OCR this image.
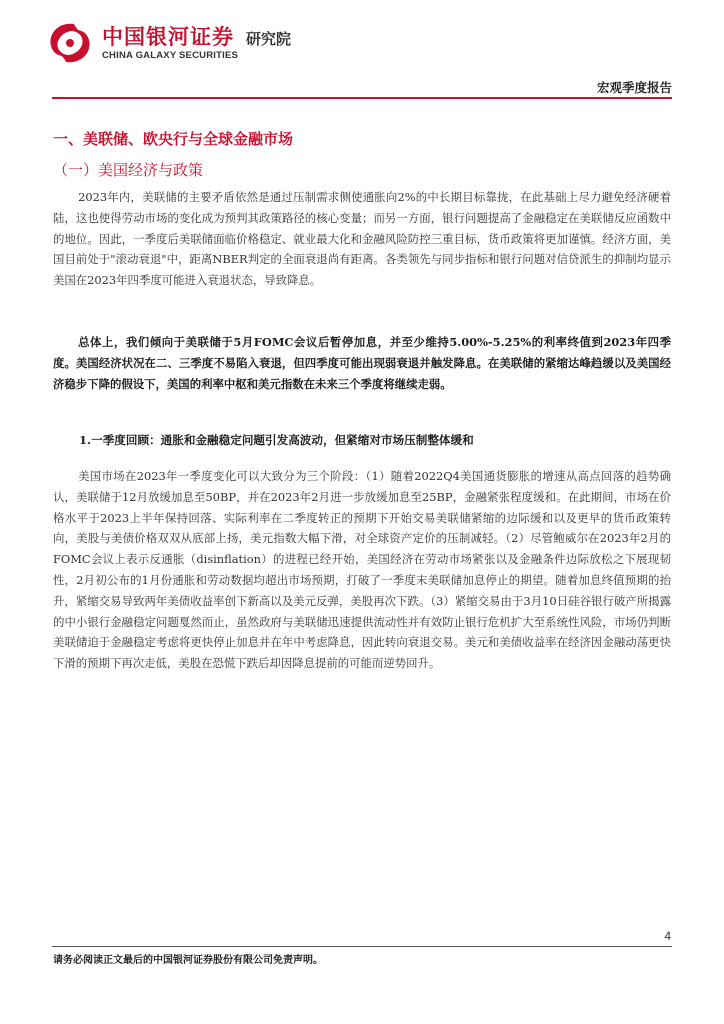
中国银河证券 研究院
CHINA GALAXY SECURITIES
宏观季度报告
一、美联储、欧央行与全球金融市场
（一）美国经济与政策

2023年内，美联储的主要矛盾依然是通过压制需求侧使通胀向2%的中长期目标靠拢，在此基础上尽力避免经济硬着陆，这也使得劳动市场的变化成为预判其政策路径的核心变量；而另一方面，银行问题提高了金融稳定在美联储反应函数中的地位。因此，一季度后美联储面临价格稳定、就业最大化和金融风险防控三重目标，货币政策将更加谨慎。经济方面，美国目前处于"滚动衰退"中，距离NBER判定的全面衰退尚有距离。各类领先与同步指标和银行问题对信贷派生的抑制均显示美国在2023年四季度可能进入衰退状态，导致降息。

总体上，我们倾向于美联储于5月FOMC会议后暂停加息，并至少维持5.00%-5.25%的利率终值到2023年四季度。美国经济状况在二、三季度不易陷入衰退，但四季度可能出现弱衰退并触发降息。在美联储的紧缩达峰趋缓以及美国经济稳步下降的假设下，美国的利率中枢和美元指数在未来三个季度将继续走弱。

1.一季度回顾：通胀和金融稳定问题引发高波动，但紧缩对市场压制整体缓和

美国市场在2023年一季度变化可以大致分为三个阶段：（1）随着2022Q4美国通货膨胀的增速从高点回落的趋势确认，美联储于12月放缓加息至50BP，并在2023年2月进一步放缓加息至25BP，金融紧张程度缓和。在此期间，市场在价格水平于2023上半年保持回落、实际利率在二季度转正的预期下开始交易美联储紧缩的边际缓和以及更早的货币政策转向，美股与美债价格双双从底部上扬，美元指数大幅下滑，对全球资产定价的压制减轻。（2）尽管鲍威尔在2023年2月的FOMC会议上表示反通胀（disinflation）的进程已经开始，美国经济在劳动市场紧张以及金融条件边际放松之下展现韧性，2月初公布的1月份通胀和劳动数据均超出市场预期，打破了一季度末美联储加息停止的期望。随着加息终值预期的抬升，紧缩交易导致两年美债收益率创下新高以及美元反弹，美股再次下跌。（3）紧缩交易由于3月10日硅谷银行破产所揭露的中小银行金融稳定问题戛然而止，虽然政府与美联储迅速提供流动性并有效防止银行危机扩大至系统性风险，市场仍判断美联储迫于金融稳定考虑将更快停止加息并在年中考虑降息，因此转向衰退交易。美元和美债收益率在经济因金融动荡更快下滑的预期下再次走低，美股在恐慌下跌后却因降息提前的可能而逆势回升。

4
请务必阅读正文最后的中国银河证券股份有限公司免责声明。
